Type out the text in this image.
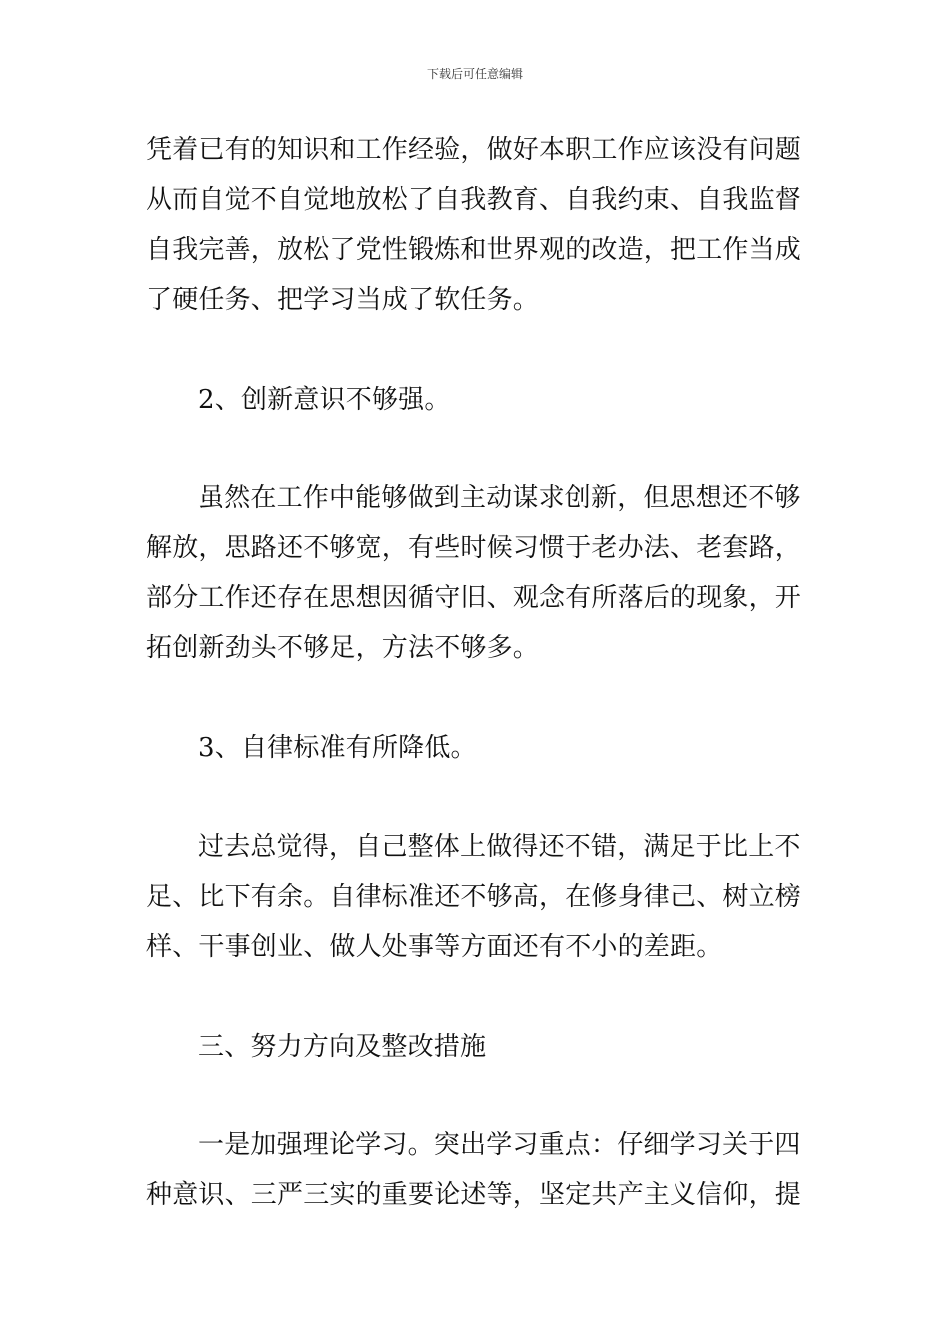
下载后可任意编辑
凭着已有的知识和工作经验，做好本职工作应该没有问题
从而自觉不自觉地放松了自我教育、自我约束、自我监督
自我完善，放松了党性锻炼和世界观的改造，把工作当成
了硬任务、把学习当成了软任务。
2、创新意识不够强。
虽然在工作中能够做到主动谋求创新，但思想还不够
解放，思路还不够宽，有些时候习惯于老办法、老套路，
部分工作还存在思想因循守旧、观念有所落后的现象，开
拓创新劲头不够足，方法不够多。
3、自律标准有所降低。
过去总觉得，自己整体上做得还不错，满足于比上不
足、比下有余。自律标准还不够高，在修身律己、树立榜
样、干事创业、做人处事等方面还有不小的差距。
三、努力方向及整改措施
一是加强理论学习。突出学习重点：仔细学习关于四
种意识、三严三实的重要论述等，坚定共产主义信仰，提
